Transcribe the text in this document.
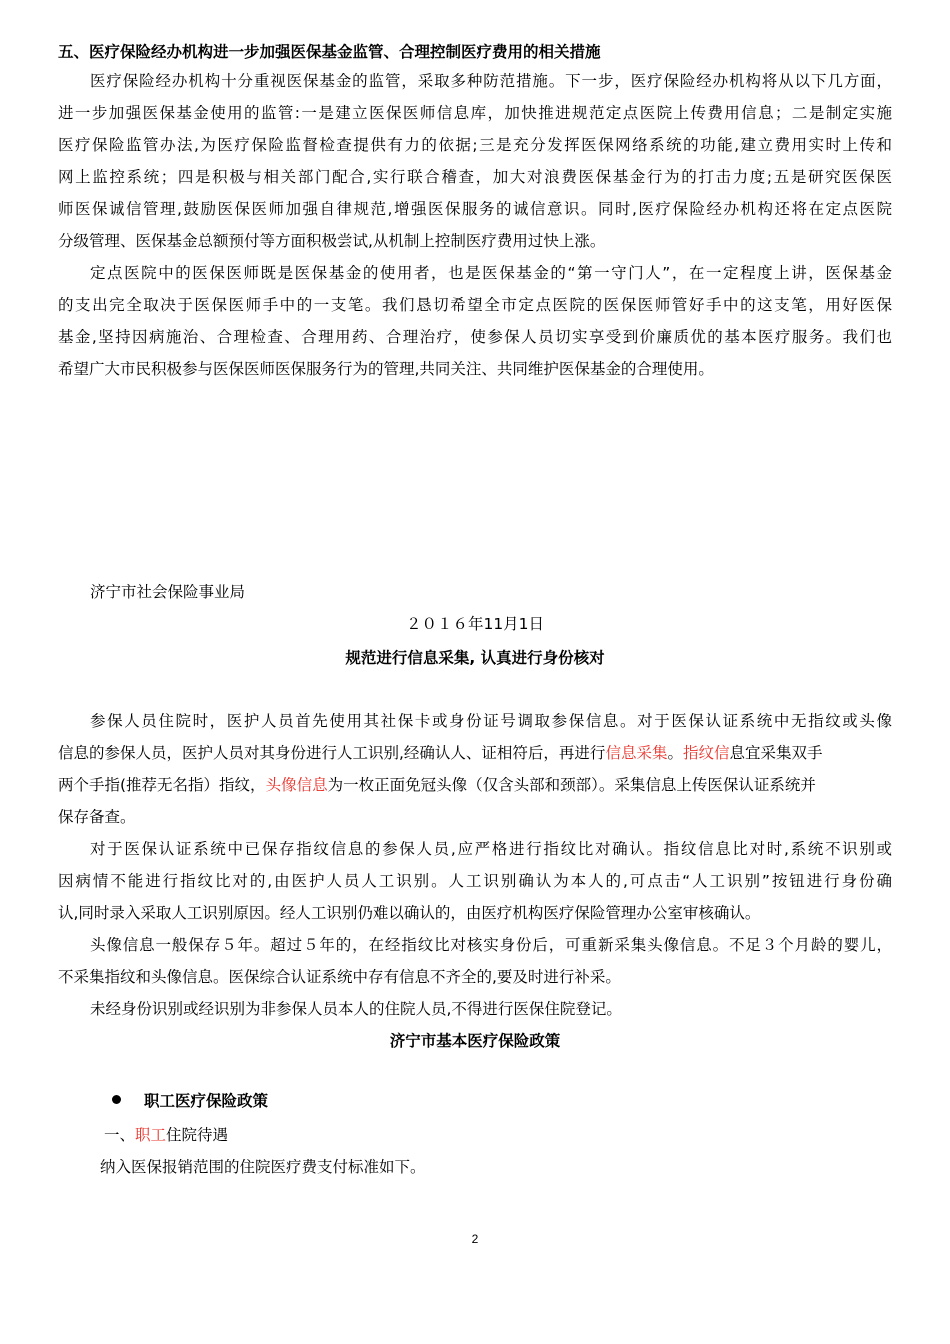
五、医疗保险经办机构进一步加强医保基金监管、合理控制医疗费用的相关措施
医疗保险经办机构十分重视医保基金的监管，采取多种防范措施。下一步，医疗保险经办机构将从以下几方面，
进一步加强医保基金使用的监管:一是建立医保医师信息库，加快推进规范定点医院上传费用信息；二是制定实施
医疗保险监管办法,为医疗保险监督检查提供有力的依据;三是充分发挥医保网络系统的功能,建立费用实时上传和
网上监控系统；四是积极与相关部门配合,实行联合稽查，加大对浪费医保基金行为的打击力度;五是研究医保医
师医保诚信管理,鼓励医保医师加强自律规范,增强医保服务的诚信意识。同时,医疗保险经办机构还将在定点医院
分级管理、医保基金总额预付等方面积极尝试,从机制上控制医疗费用过快上涨。
定点医院中的医保医师既是医保基金的使用者，也是医保基金的“第一守门人”，在一定程度上讲，医保基金
的支出完全取决于医保医师手中的一支笔。我们恳切希望全市定点医院的医保医师管好手中的这支笔，用好医保
基金,坚持因病施治、合理检查、合理用药、合理治疗，使参保人员切实享受到价廉质优的基本医疗服务。我们也
希望广大市民积极参与医保医师医保服务行为的管理,共同关注、共同维护医保基金的合理使用。
济宁市社会保险事业局
２０１６年11月1日
规范进行信息采集, 认真进行身份核对
参保人员住院时，医护人员首先使用其社保卡或身份证号调取参保信息。对于医保认证系统中无指纹或头像
信息的参保人员，医护人员对其身份进行人工识别,经确认人、证相符后，再进行信息采集。指纹信息宜采集双手
两个手指(推荐无名指）指纹，头像信息为一枚正面免冠头像（仅含头部和颈部）。采集信息上传医保认证系统并
保存备查。
对于医保认证系统中已保存指纹信息的参保人员,应严格进行指纹比对确认。指纹信息比对时,系统不识别或
因病情不能进行指纹比对的,由医护人员人工识别。人工识别确认为本人的,可点击“人工识别”按钮进行身份确
认,同时录入采取人工识别原因。经人工识别仍难以确认的，由医疗机构医疗保险管理办公室审核确认。
头像信息一般保存５年。超过５年的，在经指纹比对核实身份后，可重新采集头像信息。不足３个月龄的婴儿，
不采集指纹和头像信息。医保综合认证系统中存有信息不齐全的,要及时进行补采。
未经身份识别或经识别为非参保人员本人的住院人员,不得进行医保住院登记。
济宁市基本医疗保险政策
职工医疗保险政策
一、职工住院待遇
纳入医保报销范围的住院医疗费支付标准如下。
2
